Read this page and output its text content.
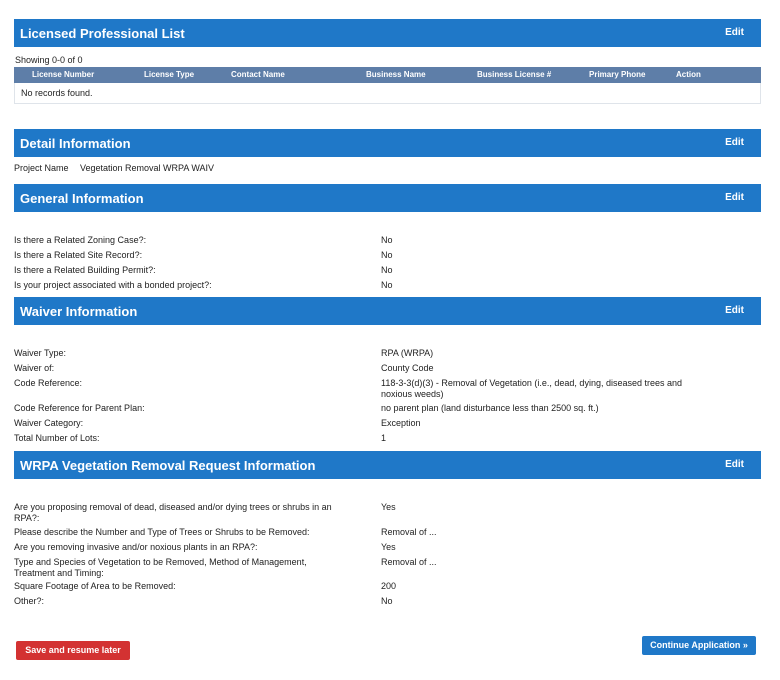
Licensed Professional List	Edit
Showing 0-0 of 0
License Number	License Type	Contact Name	Business Name	Business License #	Primary Phone	Action
No records found.
Detail Information	Edit
Project Name Vegetation Removal WRPA WAIV
General Information	Edit
Is there a Related Zoning Case?:	No
Is there a Related Site Record?:	No
Is there a Related Building Permit?:	No
Is your project associated with a bonded project?:	No
Waiver Information	Edit
Waiver Type:	RPA (WRPA)
Waiver of:	County Code
Code Reference:	118-3-3(d)(3) - Removal of Vegetation (i.e., dead, dying, diseased trees and noxious weeds)
Code Reference for Parent Plan:	no parent plan (land disturbance less than 2500 sq. ft.)
Waiver Category:	Exception
Total Number of Lots:	1
WRPA Vegetation Removal Request Information	Edit
Are you proposing removal of dead, diseased and/or dying trees or shrubs in an RPA?:
Yes
Please describe the Number and Type of Trees or Shrubs to be Removed:	Removal of ...
Are you removing invasive and/or noxious plants in an RPA?:	Yes
Type and Species of Vegetation to be Removed, Method of Management, Treatment and Timing:
Removal of ...
Square Footage of Area to be Removed:	200
Other?:	No
Save and resume later	Continue Application »
